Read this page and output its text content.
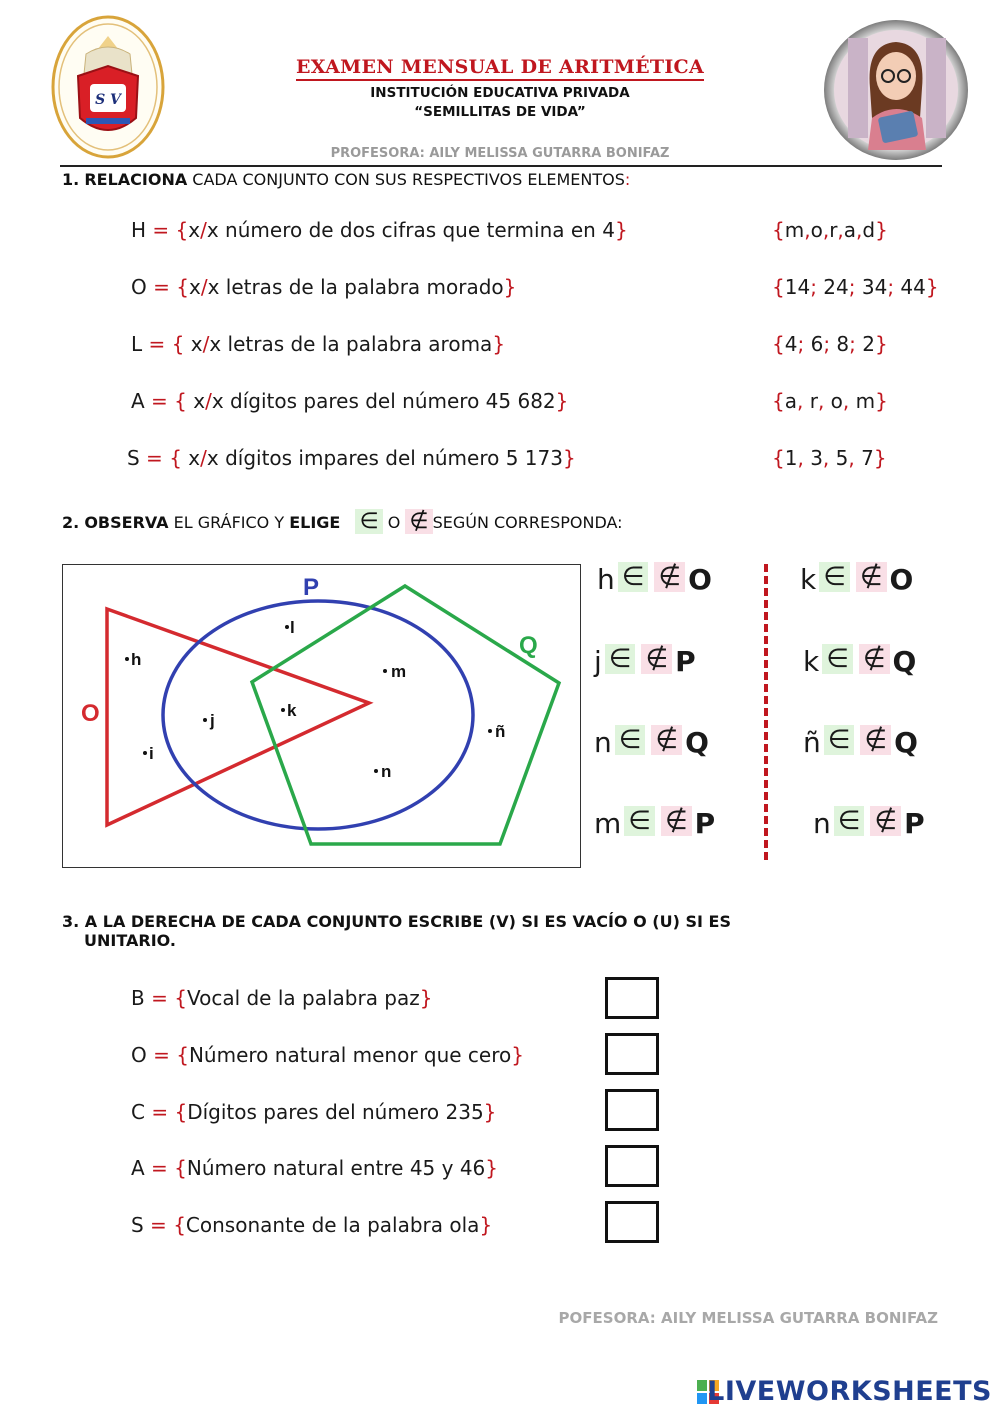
S V
EXAMEN MENSUAL DE ARITMÉTICA
INSTITUCIÓN EDUCATIVA PRIVADA
“SEMILLITAS DE VIDA”
PROFESORA: AILY MELISSA GUTARRA BONIFAZ
1. RELACIONA CADA CONJUNTO CON SUS RESPECTIVOS ELEMENTOS:
H = {x/x número de dos cifras que termina en 4}
O = {x/x letras de la palabra morado}
L = { x/x letras de la palabra aroma}
A = { x/x dígitos pares del número 45 682}
S = { x/x dígitos impares del número 5 173}
{m,o,r,a,d}
{14; 24; 34; 44}
{4; 6; 8; 2}
{a, r, o, m}
{1, 3, 5, 7}
2. OBSERVA EL GRÁFICO Y ELIGE ∈ O ∉ SEGÚN CORRESPONDA:
O
P
Q
h
l
m
k
j
i
ñ
n
h ∈ ∉ O
j ∈ ∉ P
n ∈ ∉ Q
m ∈ ∉ P
k ∈ ∉ O
k ∈ ∉ Q
ñ ∈ ∉ Q
n ∈ ∉ P
3. A LA DERECHA DE CADA CONJUNTO ESCRIBE (V) SI ES VACÍO O (U) SI ES
UNITARIO.
B = {Vocal de la palabra paz}
O = {Número natural menor que cero}
C = {Dígitos pares del número 235}
A = {Número natural entre 45 y 46}
S = {Consonante de la palabra ola}
POFESORA: AILY MELISSA GUTARRA BONIFAZ
LIVEWORKSHEETS
